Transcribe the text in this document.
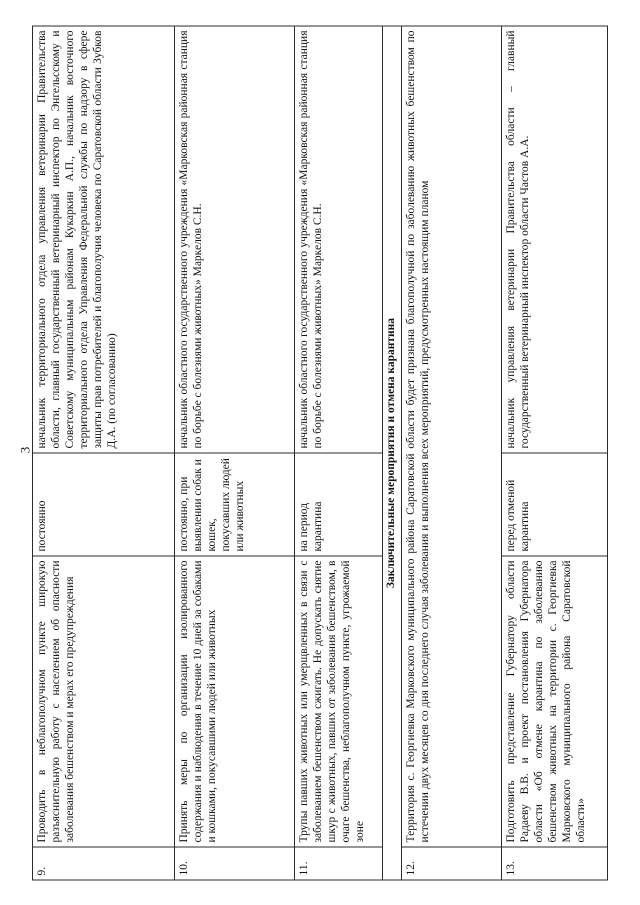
3
9.	Проводить в неблагополучном пункте широкую разъяснительную работу с населением об опасности заболевания бешенством и мерах его предупреждения	постоянно	начальник территориального отдела управления ветеринарии Правительства области, главный государственный ветеринарный инспектор по Энгельсскому и Советскому муниципальным районам Кукаркин А.П., начальник восточного территориального отдела Управления Федеральной службы по надзору в сфере защиты прав потребителей и благополучия человека по Саратовской области Зубков Д.А. (по согласованию)
10.	Принять меры по организации изолированного содержания и наблюдения в течение 10 дней за собаками и кошками, покусавшими людей или животных	постоянно, при выявлении собак и кошек, покусавших людей или животных	начальник областного государственного учреждения «Марковская районная станция по борьбе с болезнями животных» Маркелов С.Н.
11.	Трупы павших животных или умерщвленных в связи с заболеванием бешенством сжигать. Не допускать снятие шкур с животных, павших от заболевания бешенством, в очаге бешенства, неблагополучном пункте, угрожаемой зоне	на период карантина	начальник областного государственного учреждения «Марковская районная станция по борьбе с болезнями животных» Маркелов С.Н.
Заключительные мероприятия и отмена карантина			
12.	Территория с. Георгиевка Марковского муниципального района Саратовской области будет признана благополучной по заболеванию животных бешенством по истечении двух месяцев со дня последнего случая заболевания и выполнения всех мероприятий, предусмотренных настоящим планом		
13.	Подготовить представление Губернатору области Радаеву В.В. и проект постановления Губернатора области «Об отмене карантина по заболеванию бешенством животных на территории с. Георгиевка Марковского муниципального района Саратовской области»	перед отменой карантина	начальник управления ветеринарии Правительства области – главный государственный ветеринарный инспектор области Частов А.А.
